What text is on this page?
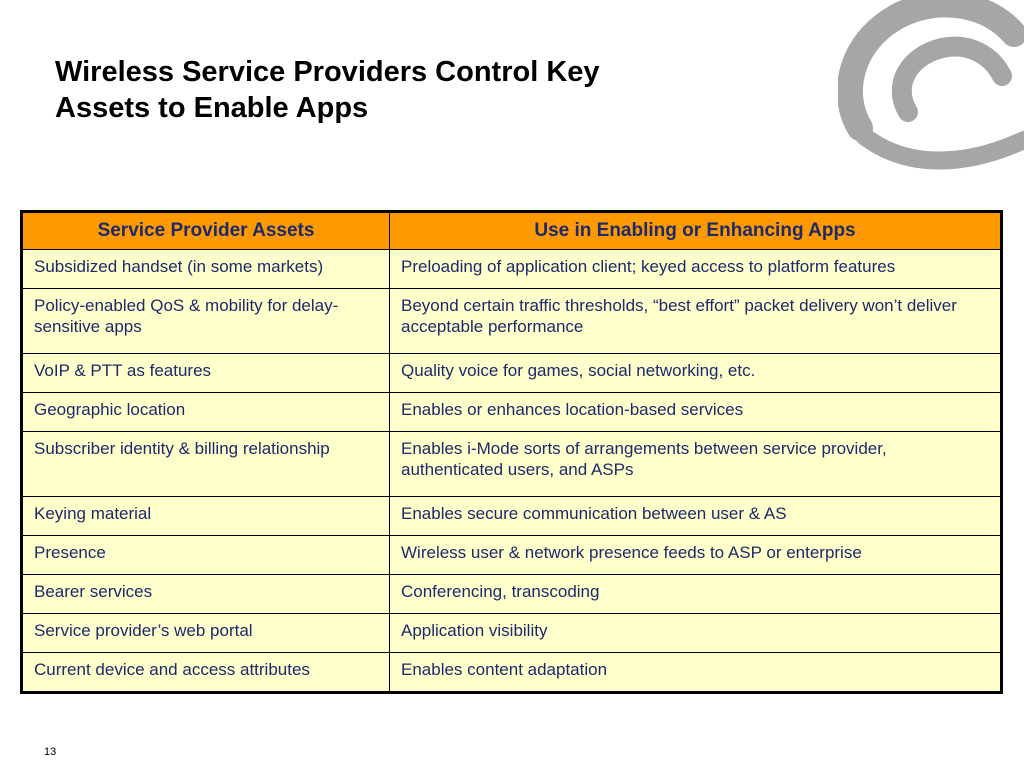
Wireless Service Providers Control Key
Assets to Enable Apps
Service Provider Assets	Use in Enabling or Enhancing Apps
Subsidized handset (in some markets)	Preloading of application client; keyed access to platform features
Policy-enabled QoS & mobility for delay-sensitive apps	Beyond certain traffic thresholds, “best effort” packet delivery won’t deliver acceptable performance
VoIP & PTT as features	Quality voice for games, social networking, etc.
Geographic location	Enables or enhances location-based services
Subscriber identity & billing relationship	Enables i-Mode sorts of arrangements between service provider, authenticated users, and ASPs
Keying material	Enables secure communication between user & AS
Presence	Wireless user & network presence feeds to ASP or enterprise
Bearer services	Conferencing, transcoding
Service provider’s web portal	Application visibility
Current device and access attributes	Enables content adaptation
13
